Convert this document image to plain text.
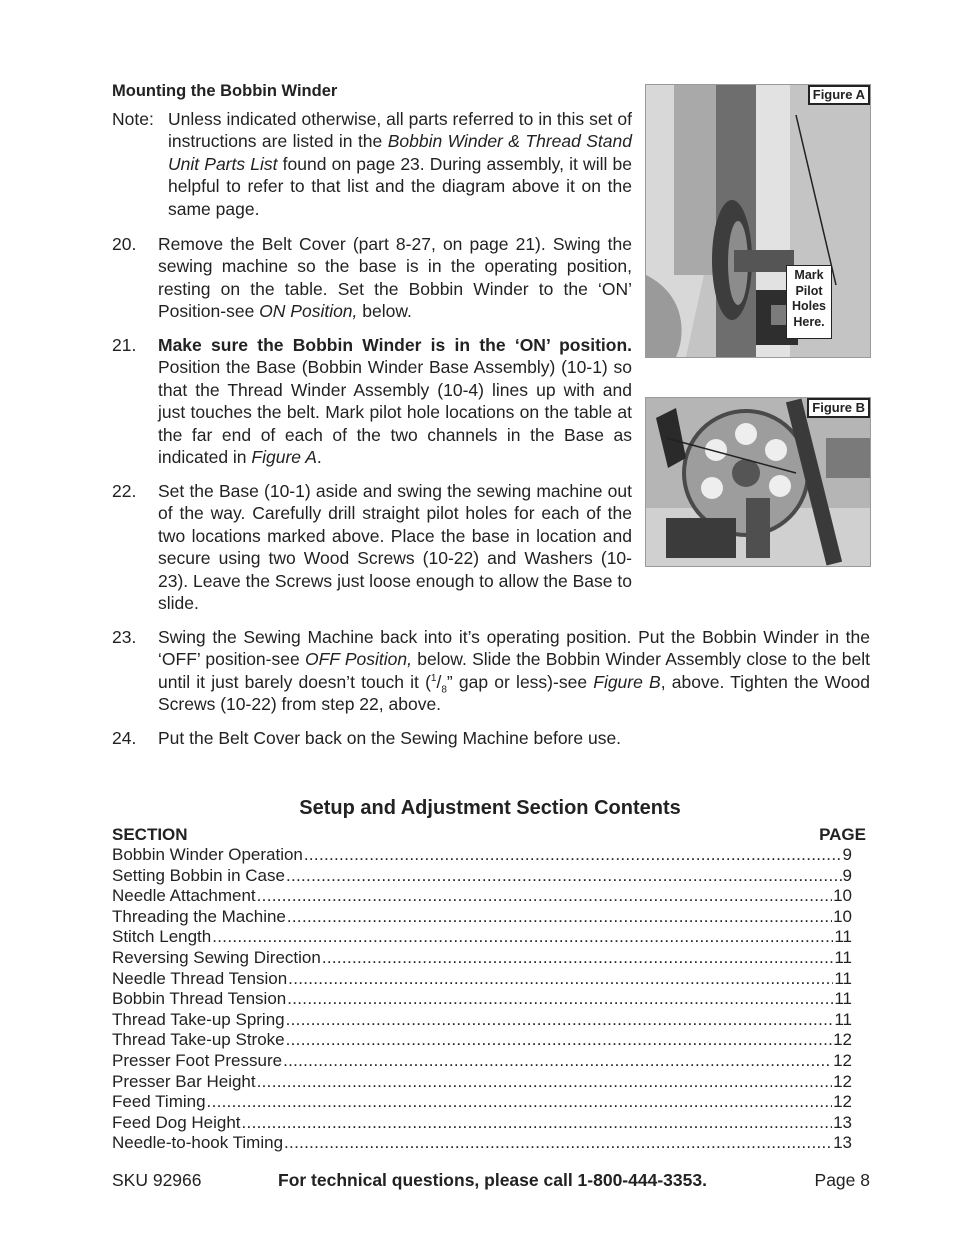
Mounting the Bobbin Winder
Note: Unless indicated otherwise, all parts referred to in this set of instructions are listed in the Bobbin Winder & Thread Stand Unit Parts List found on page 23. During assembly, it will be helpful to refer to that list and the diagram above it on the same page.
20. Remove the Belt Cover (part 8-27, on page 21). Swing the sewing machine so the base is in the operating position, resting on the table. Set the Bobbin Winder to the ‘ON’ Position-see ON Position, below.
21. Make sure the Bobbin Winder is in the ‘ON’ position. Position the Base (Bobbin Winder Base Assembly) (10-1) so that the Thread Winder Assembly (10-4) lines up with and just touches the belt. Mark pilot hole locations on the table at the far end of each of the two channels in the Base as indicated in Figure A.
22. Set the Base (10-1) aside and swing the sewing machine out of the way. Carefully drill straight pilot holes for each of the two locations marked above. Place the base in location and secure using two Wood Screws (10-22) and Washers (10-23). Leave the Screws just loose enough to allow the Base to slide.
23. Swing the Sewing Machine back into it’s operating position. Put the Bobbin Winder in the ‘OFF’ position-see OFF Position, below. Slide the Bobbin Winder Assembly close to the belt until it just barely doesn’t touch it ($^1/_8$” gap or less)-see Figure B, above. Tighten the Wood Screws (10-22) from step 22, above.
24. Put the Belt Cover back on the Sewing Machine before use.
Figure A
Mark
Pilot
Holes
Here.
Figure B
Setup and Adjustment Section Contents
SECTION	PAGE
Bobbin Winder Operation .....	9
Setting Bobbin in Case .....	9
Needle Attachment .....	10
Threading the Machine .....	10
Stitch Length .....	11
Reversing Sewing Direction .....	11
Needle Thread Tension .....	11
Bobbin Thread Tension .....	11
Thread Take-up Spring .....	11
Thread Take-up Stroke .....	12
Presser Foot Pressure .....	12
Presser Bar Height .....	12
Feed Timing .....	12
Feed Dog Height .....	13
Needle-to-hook Timing .....	13
SKU 92966	For technical questions, please call 1-800-444-3353.	Page 8
